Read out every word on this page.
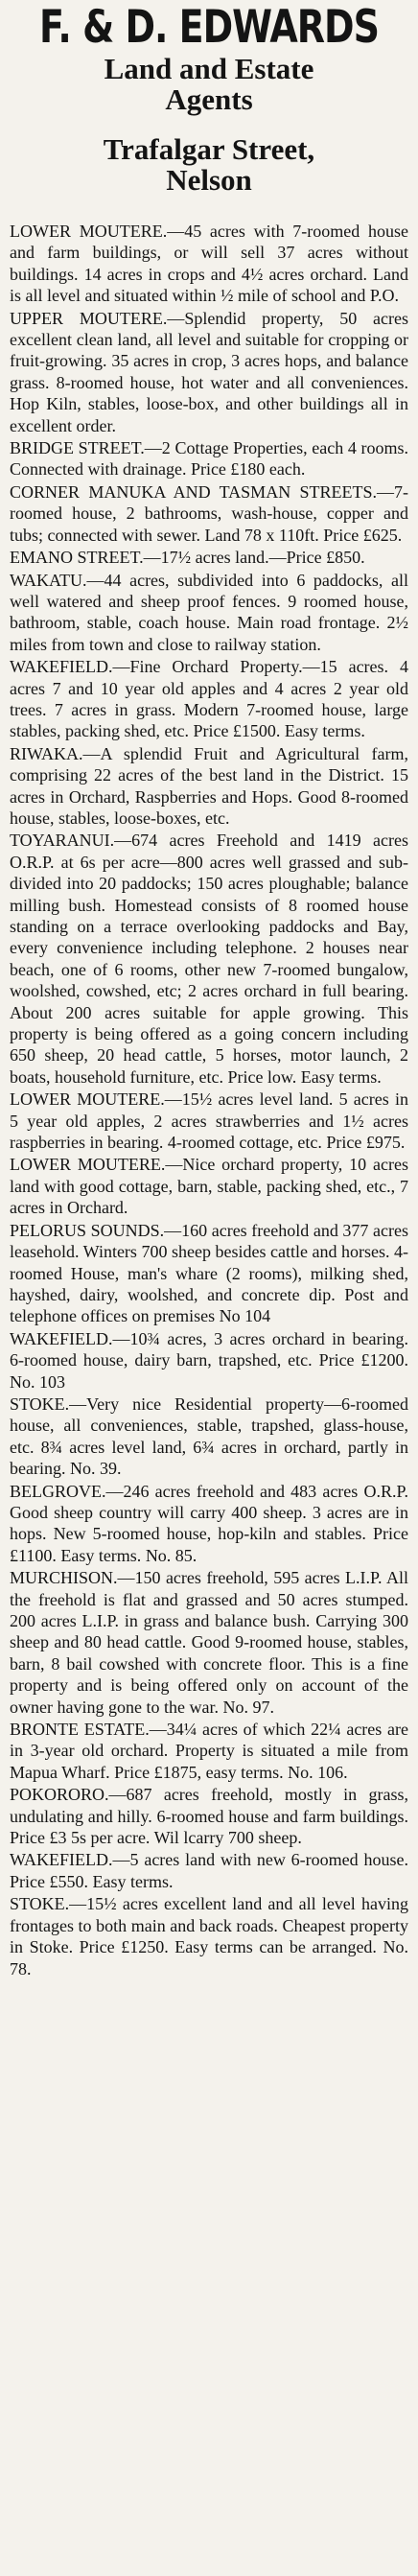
F. & D. EDWARDS
Land and Estate
Agents
Trafalgar Street,
Nelson

LOWER MOUTERE.—45 acres with 7-roomed house and farm buildings, or will sell 37 acres without buildings. 14 acres in crops and 4½ acres orchard. Land is all level and situated within ½ mile of school and P.O.

UPPER MOUTERE.—Splendid property, 50 acres excellent clean land, all level and suitable for cropping or fruit-growing. 35 acres in crop, 3 acres hops, and balance grass. 8-roomed house, hot water and all conveniences. Hop Kiln, stables, loose-box, and other buildings all in excellent order.

BRIDGE STREET.—2 Cottage Properties, each 4 rooms. Connected with drainage. Price £180 each.

CORNER MANUKA AND TASMAN STREETS.—7-roomed house, 2 bathrooms, wash-house, copper and tubs; connected with sewer. Land 78 x 110ft. Price £625.

EMANO STREET.—17½ acres land.—Price £850.

WAKATU.—44 acres, subdivided into 6 paddocks, all well watered and sheep proof fences. 9 roomed house, bathroom, stable, coach house. Main road frontage. 2½ miles from town and close to railway station.

WAKEFIELD.—Fine Orchard Property.—15 acres. 4 acres 7 and 10 year old apples and 4 acres 2 year old trees. 7 acres in grass. Modern 7-roomed house, large stables, packing shed, etc. Price £1500. Easy terms.

RIWAKA.—A splendid Fruit and Agricultural farm, comprising 22 acres of the best land in the District. 15 acres in Orchard, Raspberries and Hops. Good 8-roomed house, stables, loose-boxes, etc.

TOYARANUI.—674 acres Freehold and 1419 acres O.R.P. at 6s per acre—800 acres well grassed and sub-divided into 20 paddocks; 150 acres ploughable; balance milling bush. Homestead consists of 8 roomed house standing on a terrace overlooking paddocks and Bay, every convenience including telephone. 2 houses near beach, one of 6 rooms, other new 7-roomed bungalow, woolshed, cowshed, etc; 2 acres orchard in full bearing. About 200 acres suitable for apple growing. This property is being offered as a going concern including 650 sheep, 20 head cattle, 5 horses, motor launch, 2 boats, household furniture, etc. Price low. Easy terms.

LOWER MOUTERE.—15½ acres level land. 5 acres in 5 year old apples, 2 acres strawberries and 1½ acres raspberries in bearing. 4-roomed cottage, etc. Price £975.

LOWER MOUTERE.—Nice orchard property, 10 acres land with good cottage, barn, stable, packing shed, etc., 7 acres in Orchard.

PELORUS SOUNDS.—160 acres freehold and 377 acres leasehold. Winters 700 sheep besides cattle and horses. 4-roomed House, man's whare (2 rooms), milking shed, hayshed, dairy, woolshed, and concrete dip. Post and telephone offices on premises No 104

WAKEFIELD.—10¾ acres, 3 acres orchard in bearing. 6-roomed house, dairy barn, trapshed, etc. Price £1200. No. 103

STOKE.—Very nice Residential property—6-roomed house, all conveniences, stable, trapshed, glass-house, etc. 8¾ acres level land, 6¾ acres in orchard, partly in bearing. No. 39.

BELGROVE.—246 acres freehold and 483 acres O.R.P. Good sheep country will carry 400 sheep. 3 acres are in hops. New 5-roomed house, hop-kiln and stables. Price £1100. Easy terms. No. 85.

MURCHISON.—150 acres freehold, 595 acres L.I.P. All the freehold is flat and grassed and 50 acres stumped. 200 acres L.I.P. in grass and balance bush. Carrying 300 sheep and 80 head cattle. Good 9-roomed house, stables, barn, 8 bail cowshed with concrete floor. This is a fine property and is being offered only on account of the owner having gone to the war. No. 97.

BRONTE ESTATE.—34¼ acres of which 22¼ acres are in 3-year old orchard. Property is situated a mile from Mapua Wharf. Price £1875, easy terms. No. 106.

POKORORO.—687 acres freehold, mostly in grass, undulating and hilly. 6-roomed house and farm buildings. Price £3 5s per acre. Wil lcarry 700 sheep.

WAKEFIELD.—5 acres land with new 6-roomed house. Price £550. Easy terms.

STOKE.—15½ acres excellent land and all level having frontages to both main and back roads. Cheapest property in Stoke. Price £1250. Easy terms can be arranged. No. 78.
